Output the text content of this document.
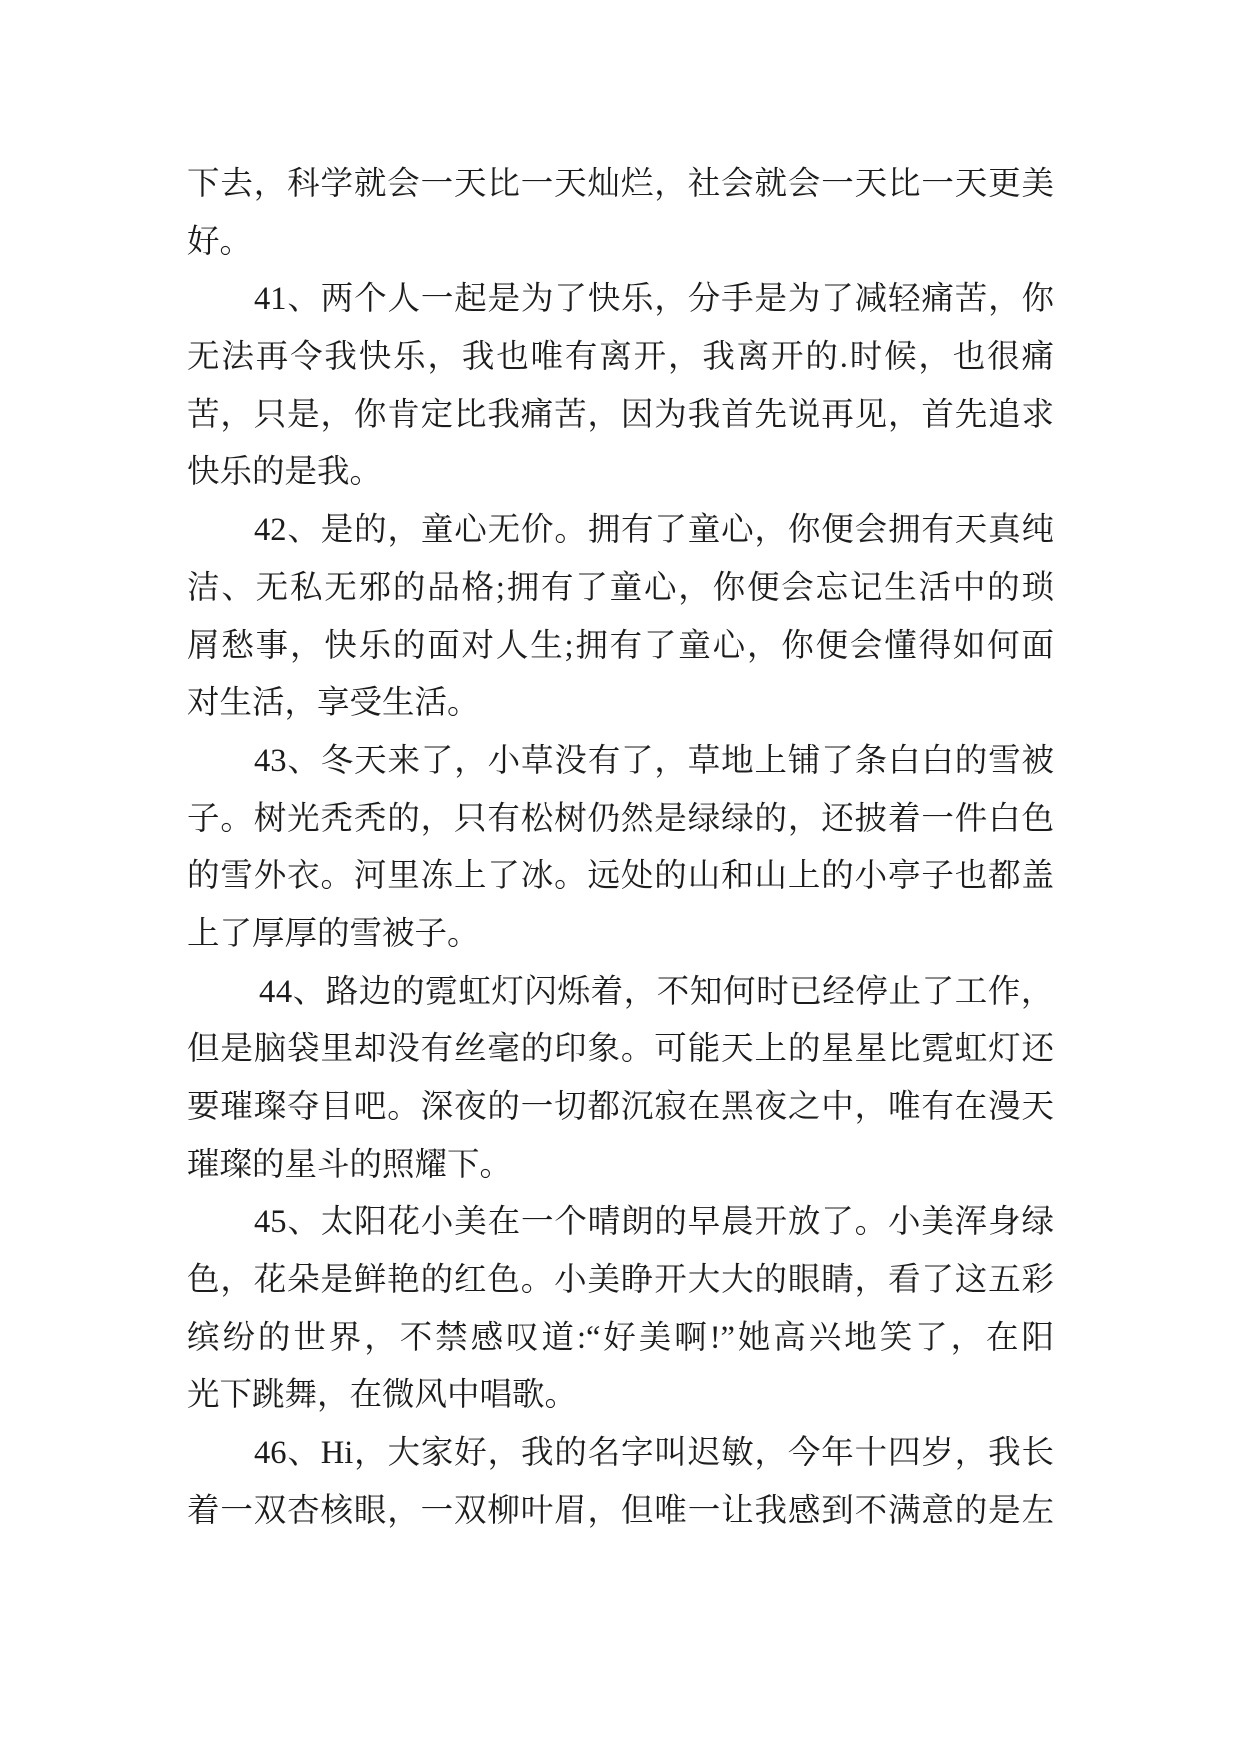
下去，科学就会一天比一天灿烂，社会就会一天比一天更美
好。
41、两个人一起是为了快乐，分手是为了减轻痛苦，你
无法再令我快乐，我也唯有离开，我离开的.时候，也很痛
苦，只是，你肯定比我痛苦，因为我首先说再见，首先追求
快乐的是我。
42、是的，童心无价。拥有了童心，你便会拥有天真纯
洁、无私无邪的品格;拥有了童心，你便会忘记生活中的琐
屑愁事，快乐的面对人生;拥有了童心，你便会懂得如何面
对生活，享受生活。
43、冬天来了，小草没有了，草地上铺了条白白的雪被
子。树光秃秃的，只有松树仍然是绿绿的，还披着一件白色
的雪外衣。河里冻上了冰。远处的山和山上的小亭子也都盖
上了厚厚的雪被子。
44、路边的霓虹灯闪烁着，不知何时已经停止了工作，
但是脑袋里却没有丝毫的印象。可能天上的星星比霓虹灯还
要璀璨夺目吧。深夜的一切都沉寂在黑夜之中，唯有在漫天
璀璨的星斗的照耀下。
45、太阳花小美在一个晴朗的早晨开放了。小美浑身绿
色，花朵是鲜艳的红色。小美睁开大大的眼睛，看了这五彩
缤纷的世界，不禁感叹道:“好美啊!”她高兴地笑了，在阳
光下跳舞，在微风中唱歌。
46、Hi，大家好，我的名字叫迟敏，今年十四岁，我长
着一双杏核眼，一双柳叶眉，但唯一让我感到不满意的是左
